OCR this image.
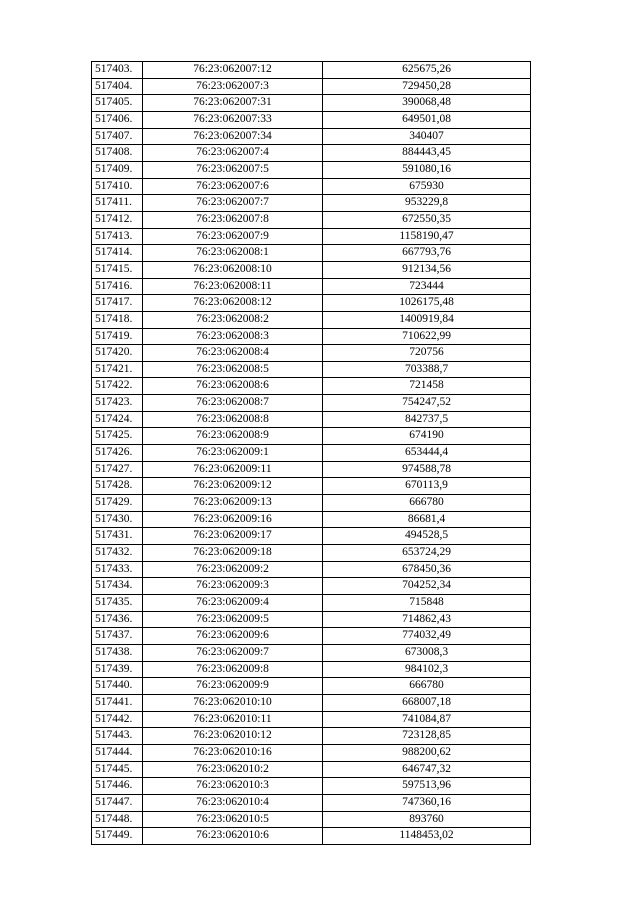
517403.	76:23:062007:12	625675,26
517404.	76:23:062007:3	729450,28
517405.	76:23:062007:31	390068,48
517406.	76:23:062007:33	649501,08
517407.	76:23:062007:34	340407
517408.	76:23:062007:4	884443,45
517409.	76:23:062007:5	591080,16
517410.	76:23:062007:6	675930
517411.	76:23:062007:7	953229,8
517412.	76:23:062007:8	672550,35
517413.	76:23:062007:9	1158190,47
517414.	76:23:062008:1	667793,76
517415.	76:23:062008:10	912134,56
517416.	76:23:062008:11	723444
517417.	76:23:062008:12	1026175,48
517418.	76:23:062008:2	1400919,84
517419.	76:23:062008:3	710622,99
517420.	76:23:062008:4	720756
517421.	76:23:062008:5	703388,7
517422.	76:23:062008:6	721458
517423.	76:23:062008:7	754247,52
517424.	76:23:062008:8	842737,5
517425.	76:23:062008:9	674190
517426.	76:23:062009:1	653444,4
517427.	76:23:062009:11	974588,78
517428.	76:23:062009:12	670113,9
517429.	76:23:062009:13	666780
517430.	76:23:062009:16	86681,4
517431.	76:23:062009:17	494528,5
517432.	76:23:062009:18	653724,29
517433.	76:23:062009:2	678450,36
517434.	76:23:062009:3	704252,34
517435.	76:23:062009:4	715848
517436.	76:23:062009:5	714862,43
517437.	76:23:062009:6	774032,49
517438.	76:23:062009:7	673008,3
517439.	76:23:062009:8	984102,3
517440.	76:23:062009:9	666780
517441.	76:23:062010:10	668007,18
517442.	76:23:062010:11	741084,87
517443.	76:23:062010:12	723128,85
517444.	76:23:062010:16	988200,62
517445.	76:23:062010:2	646747,32
517446.	76:23:062010:3	597513,96
517447.	76:23:062010:4	747360,16
517448.	76:23:062010:5	893760
517449.	76:23:062010:6	1148453,02
